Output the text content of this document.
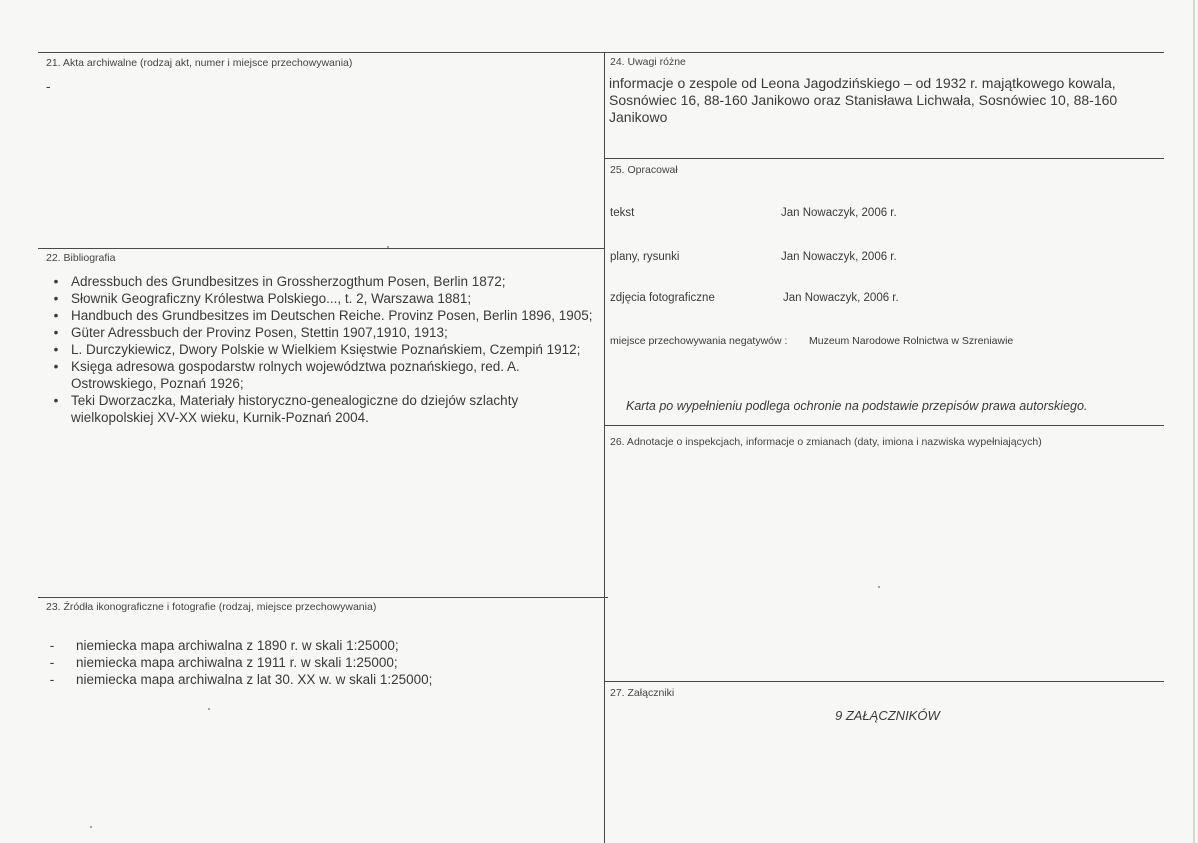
21. Akta archiwalne (rodzaj akt, numer i miejsce przechowywania)
-
22. Bibliografia
• Adressbuch des Grundbesitzes in Grossherzogthum Posen, Berlin 1872;
• Słownik Geograficzny Królestwa Polskiego..., t. 2, Warszawa 1881;
• Handbuch des Grundbesitzes im Deutschen Reiche. Provinz Posen, Berlin 1896, 1905;
• Güter Adressbuch der Provinz Posen, Stettin 1907,1910, 1913;
• L. Durczykiewicz, Dwory Polskie w Wielkiem Księstwie Poznańskiem, Czempiń 1912;
• Księga adresowa gospodarstw rolnych województwa poznańskiego, red. A. Ostrowskiego, Poznań 1926;
• Teki Dworzaczka, Materiały historyczno-genealogiczne do dziejów szlachty wielkopolskiej XV-XX wieku, Kurnik-Poznań 2004.
23. Źródła ikonograficzne i fotografie (rodzaj, miejsce przechowywania)
- niemiecka mapa archiwalna z 1890 r. w skali 1:25000;
- niemiecka mapa archiwalna z 1911 r. w skali 1:25000;
- niemiecka mapa archiwalna z lat 30. XX w. w skali 1:25000;
24. Uwagi różne
informacje o zespole od Leona Jagodzińskiego – od 1932 r. majątkowego kowala, Sosnówiec 16, 88-160 Janikowo oraz Stanisława Lichwała, Sosnówiec 10, 88-160 Janikowo
25. Opracował
tekst	Jan Nowaczyk, 2006 r.
plany, rysunki	Jan Nowaczyk, 2006 r.
zdjęcia fotograficzne	Jan Nowaczyk, 2006 r.
miejsce przechowywania negatywów : Muzeum Narodowe Rolnictwa w Szreniawie
Karta po wypełnieniu podlega ochronie na podstawie przepisów prawa autorskiego.
26. Adnotacje o inspekcjach, informacje o zmianach (daty, imiona i nazwiska wypełniających)
27. Załączniki
9 ZAŁĄCZNIKÓW
